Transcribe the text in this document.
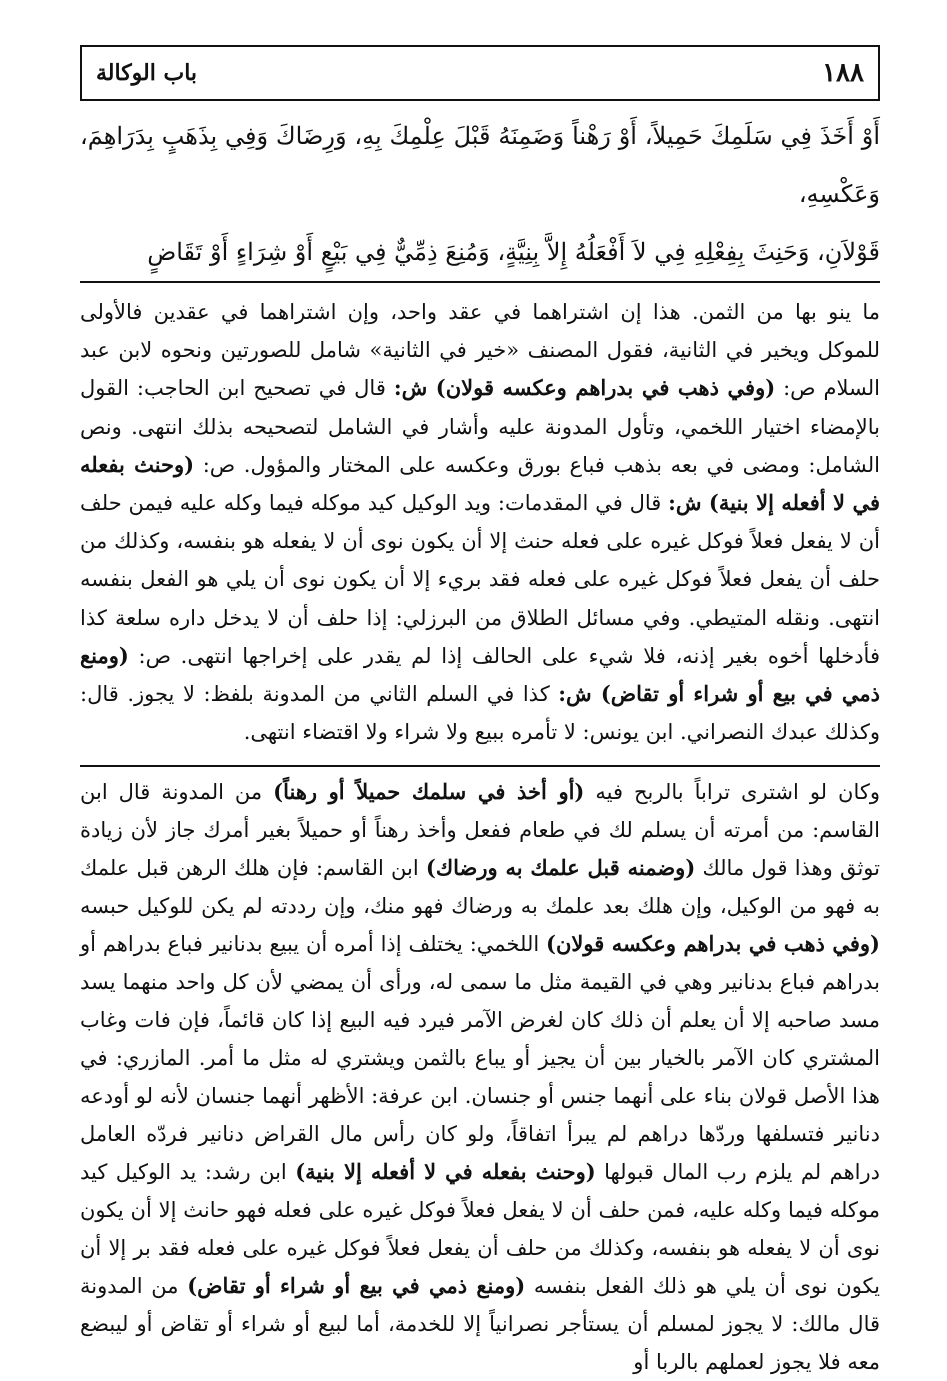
١٨٨
باب الوكالة
أَوْ أَخَذَ فِي سَلَمِكَ حَمِيلاً، أَوْ رَهْناً وَضَمِنَهُ قَبْلَ عِلْمِكَ بِهِ، وَرِضَاكَ وَفِي بِذَهَبٍ بِدَرَاهِمَ، وَعَكْسِهِ،
قَوْلاَنِ، وَحَنِثَ بِفِعْلِهِ فِي لاَ أَفْعَلُهُ إِلاَّ بِنِيَّةٍ، وَمُنِعَ ذِمِّيٌّ فِي بَيْعٍ أَوْ شِرَاءٍ أَوْ تَقَاضٍ

ما ينو بها من الثمن. هذا إن اشتراهما في عقد واحد، وإن اشتراهما في عقدين فالأولى للموكل ويخير في الثانية، فقول المصنف «خير في الثانية» شامل للصورتين ونحوه لابن عبد السلام ص: (وفي ذهب في بدراهم وعكسه قولان) ش: قال في تصحيح ابن الحاجب: القول بالإمضاء اختيار اللخمي، وتأول المدونة عليه وأشار في الشامل لتصحيحه بذلك انتهى. ونص الشامل: ومضى في بعه بذهب فباع بورق وعكسه على المختار والمؤول. ص: (وحنث بفعله في لا أفعله إلا بنية) ش: قال في المقدمات: ويد الوكيل كيد موكله فيما وكله عليه فيمن حلف أن لا يفعل فعلاً فوكل غيره على فعله حنث إلا أن يكون نوى أن لا يفعله هو بنفسه، وكذلك من حلف أن يفعل فعلاً فوكل غيره على فعله فقد بريء إلا أن يكون نوى أن يلي هو الفعل بنفسه انتهى. ونقله المتيطي. وفي مسائل الطلاق من البرزلي: إذا حلف أن لا يدخل داره سلعة كذا فأدخلها أخوه بغير إذنه، فلا شيء على الحالف إذا لم يقدر على إخراجها انتهى. ص: (ومنع ذمي في بيع أو شراء أو تقاض) ش: كذا في السلم الثاني من المدونة بلفظ: لا يجوز. قال: وكذلك عبدك النصراني. ابن يونس: لا تأمره ببيع ولا شراء ولا اقتضاء انتهى.

وكان لو اشترى تراباً بالربح فيه (أو أخذ في سلمك حميلاً أو رهناً) من المدونة قال ابن القاسم: من أمرته أن يسلم لك في طعام ففعل وأخذ رهناً أو حميلاً بغير أمرك جاز لأن زيادة توثق وهذا قول مالك (وضمنه قبل علمك به ورضاك) ابن القاسم: فإن هلك الرهن قبل علمك به فهو من الوكيل، وإن هلك بعد علمك به ورضاك فهو منك، وإن رددته لم يكن للوكيل حبسه (وفي ذهب في بدراهم وعكسه قولان) اللخمي: يختلف إذا أمره أن يبيع بدنانير فباع بدراهم أو بدراهم فباع بدنانير وهي في القيمة مثل ما سمى له، ورأى أن يمضي لأن كل واحد منهما يسد مسد صاحبه إلا أن يعلم أن ذلك كان لغرض الآمر فيرد فيه البيع إذا كان قائماً، فإن فات وغاب المشتري كان الآمر بالخيار بين أن يجيز أو يباع بالثمن ويشتري له مثل ما أمر. المازري: في هذا الأصل قولان بناء على أنهما جنس أو جنسان. ابن عرفة: الأظهر أنهما جنسان لأنه لو أودعه دنانير فتسلفها وردّها دراهم لم يبرأ اتفاقاً، ولو كان رأس مال القراض دنانير فردّه العامل دراهم لم يلزم رب المال قبولها (وحنث بفعله في لا أفعله إلا بنية) ابن رشد: يد الوكيل كيد موكله فيما وكله عليه، فمن حلف أن لا يفعل فعلاً فوكل غيره على فعله فهو حانث إلا أن يكون نوى أن لا يفعله هو بنفسه، وكذلك من حلف أن يفعل فعلاً فوكل غيره على فعله فقد بر إلا أن يكون نوى أن يلي هو ذلك الفعل بنفسه (ومنع ذمي في بيع أو شراء أو تقاض) من المدونة قال مالك: لا يجوز لمسلم أن يستأجر نصرانياً إلا للخدمة، أما لبيع أو شراء أو تقاض أو ليبضع معه فلا يجوز لعملهم بالربا أو
